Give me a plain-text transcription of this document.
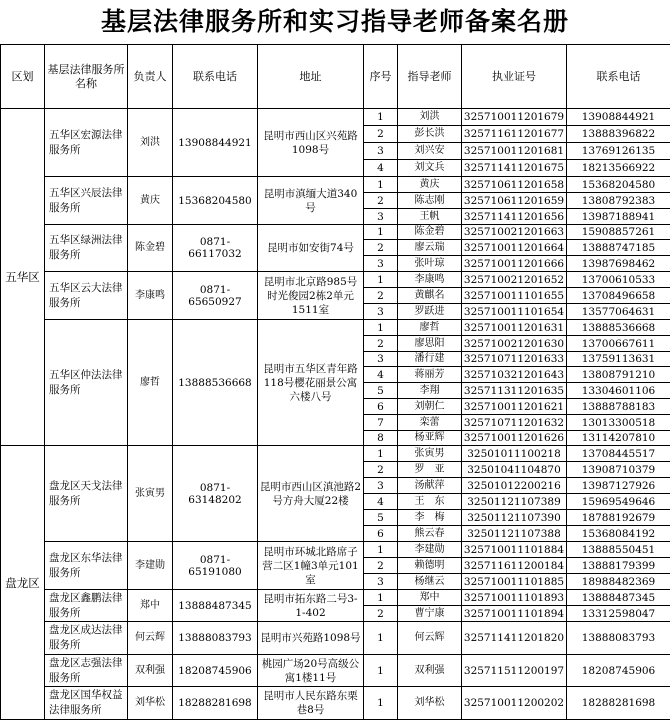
基层法律服务所和实习指导老师备案名册
区划	基层法律服务所名称	负责人	联系电话	地址	序号	指导老师	执业证号	联系电话
五华区	五华区宏源法律服务所	刘洪	13908844921	昆明市西山区兴苑路1098号	1	刘洪	325710011201679	13908844921
					2	彭长洪	325711611201677	13888396822
					3	刘兴安	325710011201681	13769126135
					4	刘文兵	325711411201675	18213566922
	五华区兴辰法律服务所	黄庆	15368204580	昆明市滇缅大道340号	1	黄庆	325710611201658	15368204580
					2	陈志刚	325710611201659	13808792383
					3	王帆	325711411201656	13987188941
	五华区绿洲法律服务所	陈金碧	0871-66117032	昆明市如安街74号	1	陈金碧	325710021201663	15908857261
					2	廖云瑞	325710011201664	13888747185
					3	张叶琼	325710011201666	13987698462
	五华区云大法律服务所	李康鸣	0871-65650927	昆明市北京路985号时光俊园2栋2单元1511室	1	李康鸣	325710021201652	13700610533
					2	黄麒名	325710011101655	13708496658
					3	罗跃进	325710011101654	13577064631
	五华区仲法法律服务所	廖哲	13888536668	昆明市五华区青年路118号樱花丽景公寓六楼八号	1	廖哲	325710011201631	13888536668
					2	廖思阳	325710021201630	13700667611
					3	潘行建	325710711201633	13759113631
					4	蒋丽芳	325710321201643	13808791210
					5	李翔	325711311201635	13304601106
					6	刘朝仁	325710011201621	13888788183
					7	栾蕾	325710711201632	13013300518
					8	杨亚辉	325710011201626	13114207810
盘龙区	盘龙区天戈法律服务所	张寅男	0871-63148202	昆明市西山区滇池路2号方舟大厦22楼	1	张寅男	32501011100218	13708445517
					2	罗　亚	32501041104870	13908710379
					3	汤献萍	32501012200216	13987127926
					4	王　东	32501121107389	15969549646
					5	李　梅	32501121107390	18788192679
					6	熊云春	32501121107388	15368084192
	盘龙区东华法律服务所	李建勋	0871-65191080	昆明市环城北路席子营二区1幢3单元101室	1	李建勋	325710011101884	13888550451
					2	赖德明	325711611200184	13888179399
					3	杨继云	325710011101885	18988482369
	盘龙区鑫鹏法律服务所	郑中	13888487345	昆明市拓东路二号3-1-402	1	郑中	325710011101893	13888487345
					2	曹宁康	325710011101894	13312598047
	盘龙区成达法律服务所	何云辉	13888083793	昆明市兴苑路1098号	1	何云辉	325711411201820	13888083793
	盘龙区志强法律服务所	双利强	18208745906	桃园广场20号高级公寓1楼11号	1	双利强	325711511200197	18208745906
	盘龙区国华权益法律服务所	刘华松	18288281698	昆明市人民东路东栗巷8号	1	刘华松	325710011200202	18288281698
